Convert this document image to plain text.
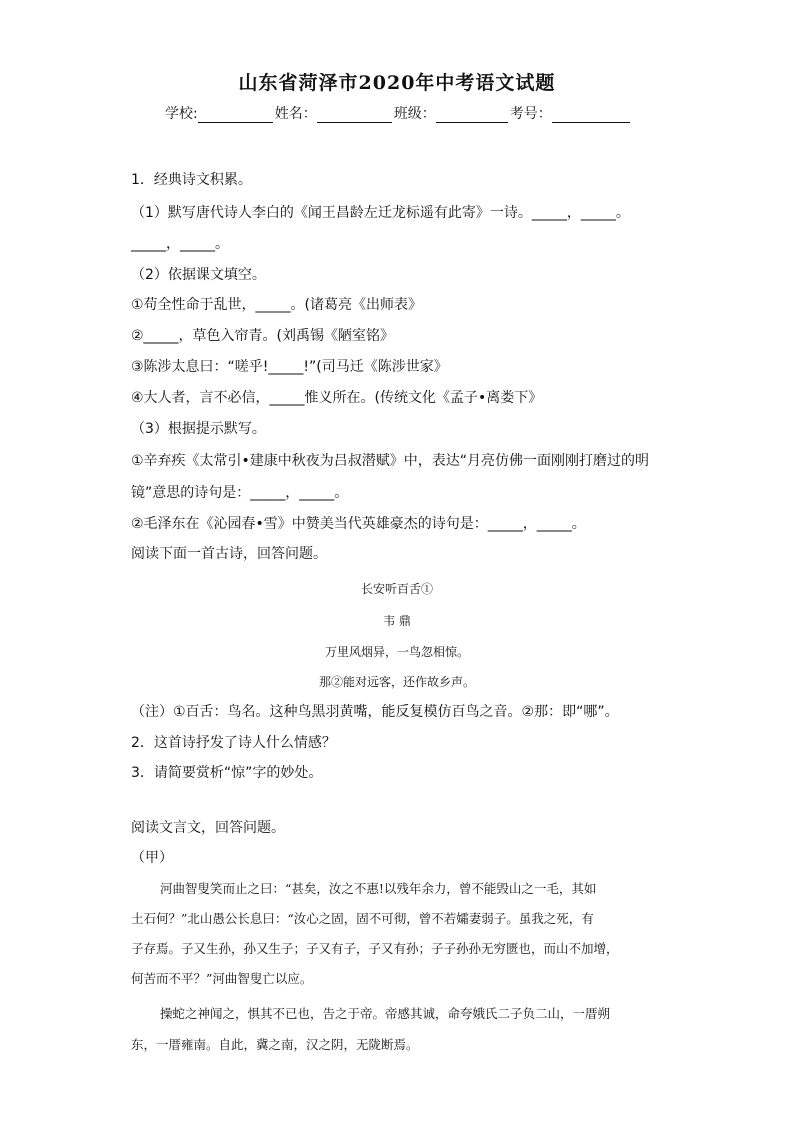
山东省菏泽市2020年中考语文试题
学校:	姓名：	班级：	考号：
1．经典诗文积累。
（1）默写唐代诗人李白的《闻王昌龄左迁龙标遥有此寄》一诗。_____，_____。
_____，_____。
（2）依据课文填空。
①苟全性命于乱世，_____。(诸葛亮《出师表》
②_____，草色入帘青。(刘禹锡《陋室铭》
③陈涉太息曰：“嗟乎!_____!”(司马迁《陈涉世家》
④大人者，言不必信，_____惟义所在。(传统文化《孟子•离娄下》
（3）根据提示默写。
①辛弃疾《太常引•建康中秋夜为吕叔潜赋》中，表达“月亮仿佛一面刚刚打磨过的明
镜”意思的诗句是：_____，_____。
②毛泽东在《沁园春•雪》中赞美当代英雄豪杰的诗句是：_____，_____。
阅读下面一首古诗，回答问题。
长安听百舌①
韦 鼎
万里风烟异，一鸟忽相惊。
那②能对远客，还作故乡声。
（注）①百舌：鸟名。这种鸟黑羽黄嘴，能反复模仿百鸟之音。②那：即“哪”。
2．这首诗抒发了诗人什么情感？
3．请简要赏析“惊”字的妙处。
阅读文言文，回答问题。
（甲）
河曲智叟笑而止之曰：“甚矣，汝之不惠!以残年余力，曾不能毁山之一毛，其如
土石何？”北山愚公长息曰：“汝心之固，固不可彻，曾不若孀妻弱子。虽我之死，有
子存焉。子又生孙，孙又生子；子又有子，子又有孙；子子孙孙无穷匮也，而山不加增，
何苦而不平？”河曲智叟亡以应。
操蛇之神闻之，惧其不已也，告之于帝。帝感其诚，命夸娥氏二子负二山，一厝朔
东，一厝雍南。自此，冀之南，汉之阴，无陇断焉。
